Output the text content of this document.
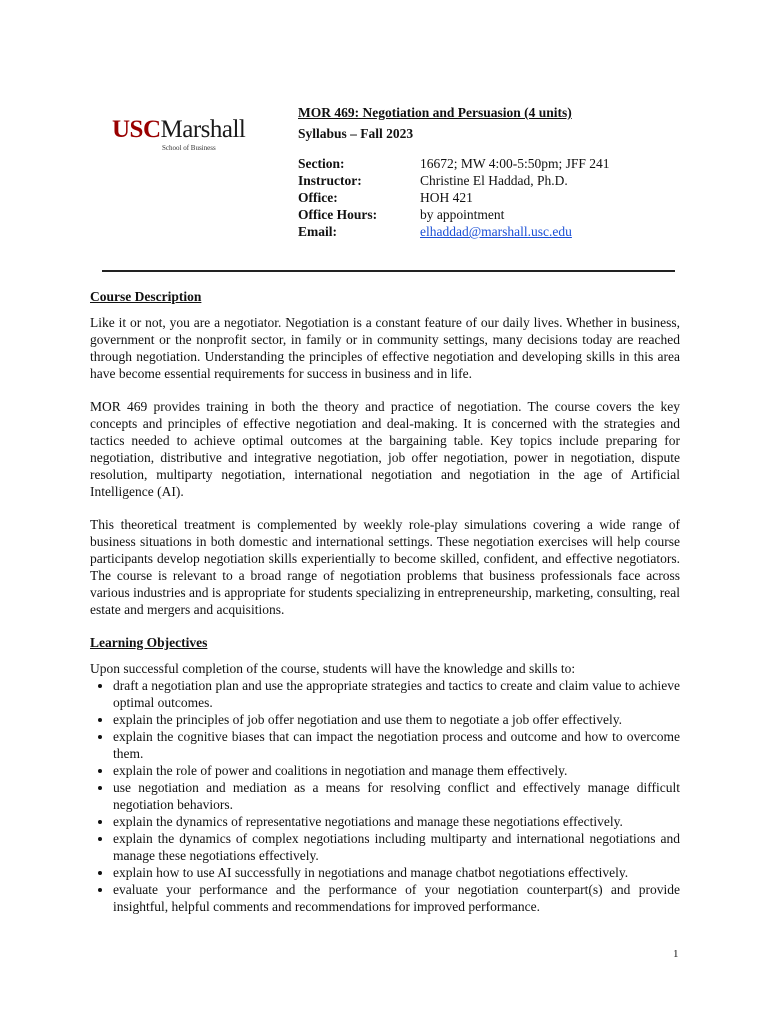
USCMarshall
School of Business
MOR 469: Negotiation and Persuasion (4 units)
Syllabus – Fall 2023
Section:	16672; MW 4:00-5:50pm; JFF 241
Instructor:	Christine El Haddad, Ph.D.
Office:	HOH 421
Office Hours:	by appointment
Email:	elhaddad@marshall.usc.edu
Course Description

Like it or not, you are a negotiator. Negotiation is a constant feature of our daily lives. Whether in business, government or the nonprofit sector, in family or in community settings, many decisions today are reached through negotiation. Understanding the principles of effective negotiation and developing skills in this area have become essential requirements for success in business and in life.

MOR 469 provides training in both the theory and practice of negotiation. The course covers the key concepts and principles of effective negotiation and deal-making. It is concerned with the strategies and tactics needed to achieve optimal outcomes at the bargaining table. Key topics include preparing for negotiation, distributive and integrative negotiation, job offer negotiation, power in negotiation, dispute resolution, multiparty negotiation, international negotiation and negotiation in the age of Artificial Intelligence (AI).

This theoretical treatment is complemented by weekly role-play simulations covering a wide range of business situations in both domestic and international settings. These negotiation exercises will help course participants develop negotiation skills experientially to become skilled, confident, and effective negotiators. The course is relevant to a broad range of negotiation problems that business professionals face across various industries and is appropriate for students specializing in entrepreneurship, marketing, consulting, real estate and mergers and acquisitions.

Learning Objectives

Upon successful completion of the course, students will have the knowledge and skills to:

• draft a negotiation plan and use the appropriate strategies and tactics to create and claim value to achieve optimal outcomes.
• explain the principles of job offer negotiation and use them to negotiate a job offer effectively.
• explain the cognitive biases that can impact the negotiation process and outcome and how to overcome them.
• explain the role of power and coalitions in negotiation and manage them effectively.
• use negotiation and mediation as a means for resolving conflict and effectively manage difficult negotiation behaviors.
• explain the dynamics of representative negotiations and manage these negotiations effectively.
• explain the dynamics of complex negotiations including multiparty and international negotiations and manage these negotiations effectively.
• explain how to use AI successfully in negotiations and manage chatbot negotiations effectively.
• evaluate your performance and the performance of your negotiation counterpart(s) and provide insightful, helpful comments and recommendations for improved performance.
1
